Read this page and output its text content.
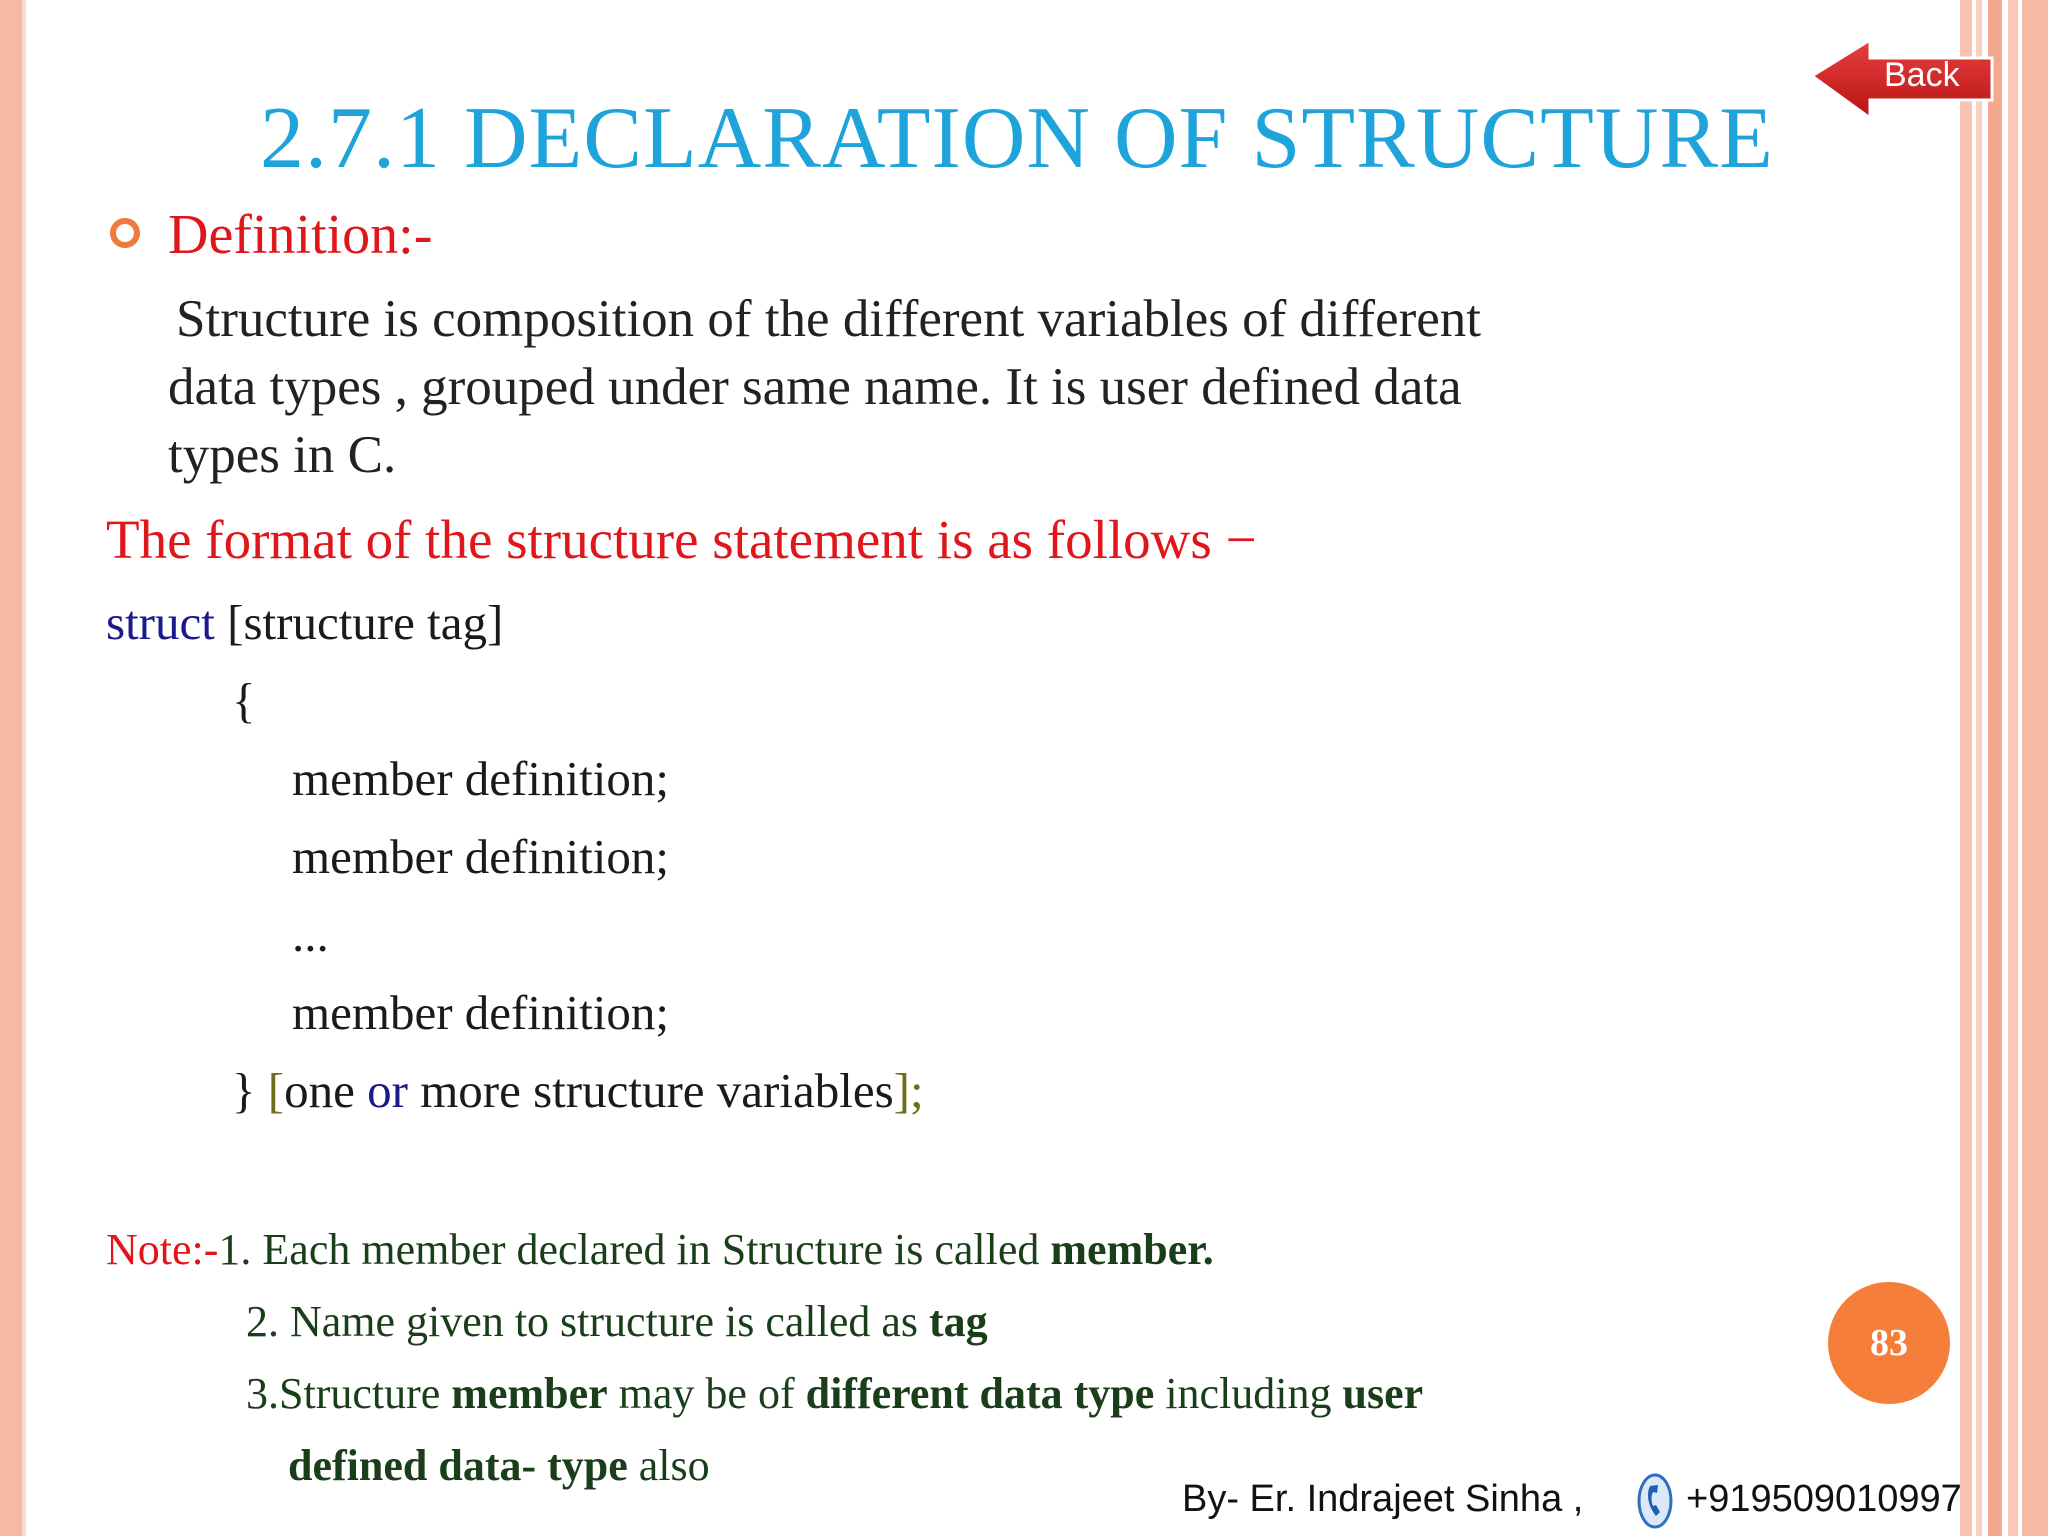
2.7.1 DECLARATION OF STRUCTURE
Back
Definition:-
Structure is composition of the different variables of different
data types , grouped under same name. It is user defined data
types in C.
The format of the structure statement is as follows −
struct [structure tag]
{
member definition;
member definition;
...
member definition;
} [one or more structure variables];
Note:-1. Each member declared in Structure is called member.
2. Name given to structure is called as tag
3.Structure member may be of different data type including user
defined data- type also
83
By- Er. Indrajeet Sinha ,	+919509010997
